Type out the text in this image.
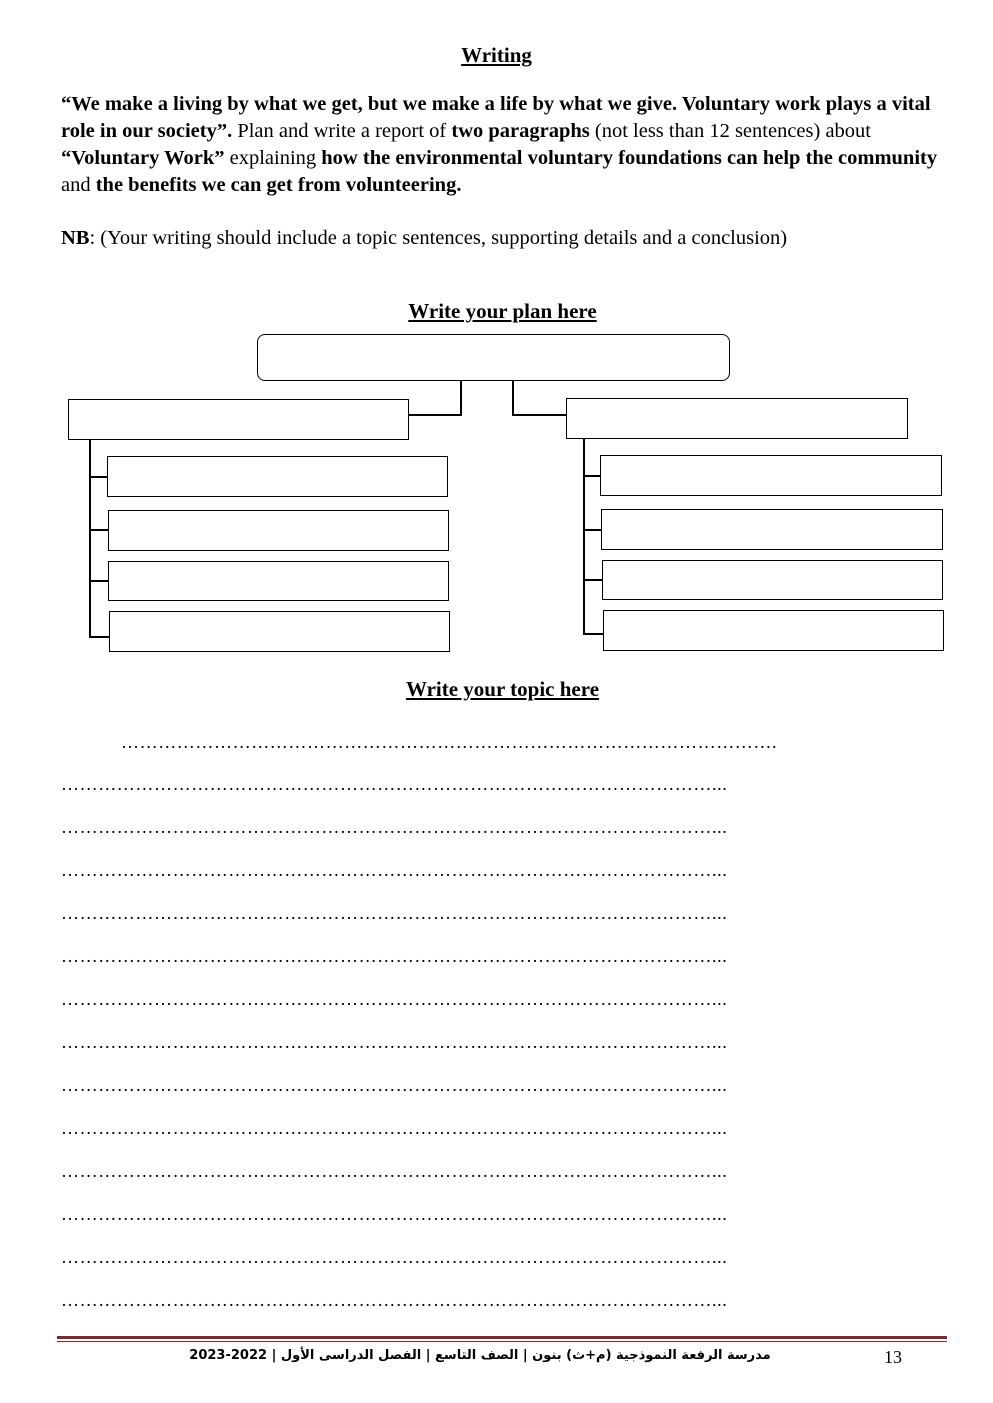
Writing
“We make a living by what we get, but we make a life by what we give. Voluntary work plays a vital role in our society”. Plan and write a report of two paragraphs (not less than 12 sentences) about “Voluntary Work” explaining how the environmental voluntary foundations can help the community and the benefits we can get from volunteering.
NB: (Your writing should include a topic sentences, supporting details and a conclusion)
Write your plan here
Write your topic here
…………………………………………………………………………………………….
……………………………………………………………………………………………...
……………………………………………………………………………………………...
……………………………………………………………………………………………...
……………………………………………………………………………………………...
……………………………………………………………………………………………...
……………………………………………………………………………………………...
……………………………………………………………………………………………...
……………………………………………………………………………………………...
……………………………………………………………………………………………...
……………………………………………………………………………………………...
……………………………………………………………………………………………...
……………………………………………………………………………………………...
……………………………………………………………………………………………...
مدرسة الرفعة النموذجية (م+ث) بنون | الصف التاسع | الفصل الدراسى الأول | 2022-2023	13
